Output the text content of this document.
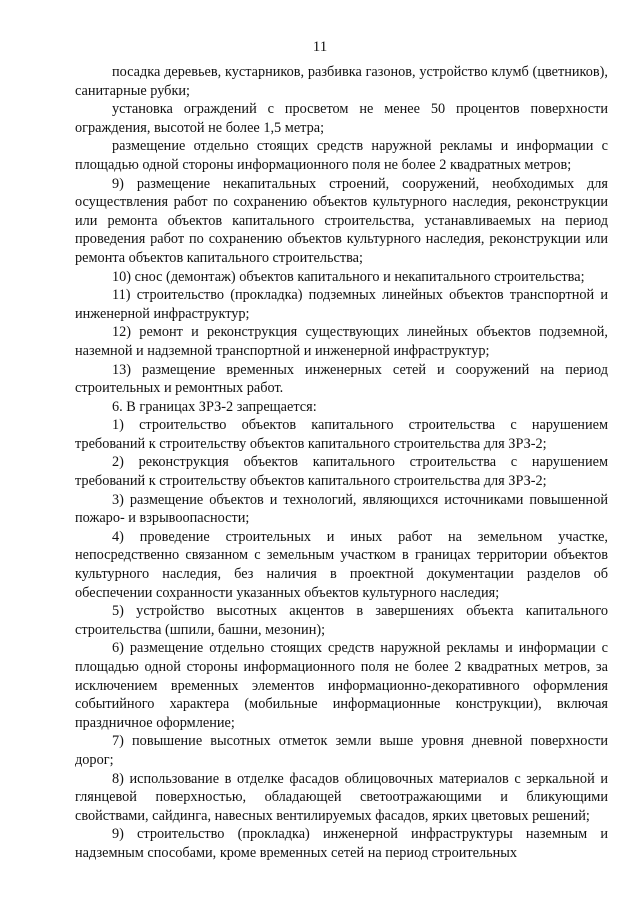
11

посадка деревьев, кустарников, разбивка газонов, устройство клумб (цветников), санитарные рубки;

установка ограждений с просветом не менее 50 процентов поверхности ограждения, высотой не более 1,5 метра;

размещение отдельно стоящих средств наружной рекламы и информации с площадью одной стороны информационного поля не более 2 квадратных метров;

9) размещение некапитальных строений, сооружений, необходимых для осуществления работ по сохранению объектов культурного наследия, реконструкции или ремонта объектов капитального строительства, устанавливаемых на период проведения работ по сохранению объектов культурного наследия, реконструкции или ремонта объектов капитального строительства;

10) снос (демонтаж) объектов капитального и некапитального строительства;

11) строительство (прокладка) подземных линейных объектов транспортной и инженерной инфраструктур;

12) ремонт и реконструкция существующих линейных объектов подземной, наземной и надземной транспортной и инженерной инфраструктур;

13) размещение временных инженерных сетей и сооружений на период строительных и ремонтных работ.

6. В границах ЗРЗ-2 запрещается:

1) строительство объектов капитального строительства с нарушением требований к строительству объектов капитального строительства для ЗРЗ-2;

2) реконструкция объектов капитального строительства с нарушением требований к строительству объектов капитального строительства для ЗРЗ-2;

3) размещение объектов и технологий, являющихся источниками повышенной пожаро- и взрывоопасности;

4) проведение строительных и иных работ на земельном участке, непосредственно связанном с земельным участком в границах территории объектов культурного наследия, без наличия в проектной документации разделов об обеспечении сохранности указанных объектов культурного наследия;

5) устройство высотных акцентов в завершениях объекта капитального строительства (шпили, башни, мезонин);

6) размещение отдельно стоящих средств наружной рекламы и информации с площадью одной стороны информационного поля не более 2 квадратных метров, за исключением временных элементов информационно-декоративного оформления событийного характера (мобильные информационные конструкции), включая праздничное оформление;

7) повышение высотных отметок земли выше уровня дневной поверхности дорог;

8) использование в отделке фасадов облицовочных материалов с зеркальной и глянцевой поверхностью, обладающей светоотражающими и бликующими свойствами, сайдинга, навесных вентилируемых фасадов, ярких цветовых решений;

9) строительство (прокладка) инженерной инфраструктуры наземным и надземным способами, кроме временных сетей на период строительных
